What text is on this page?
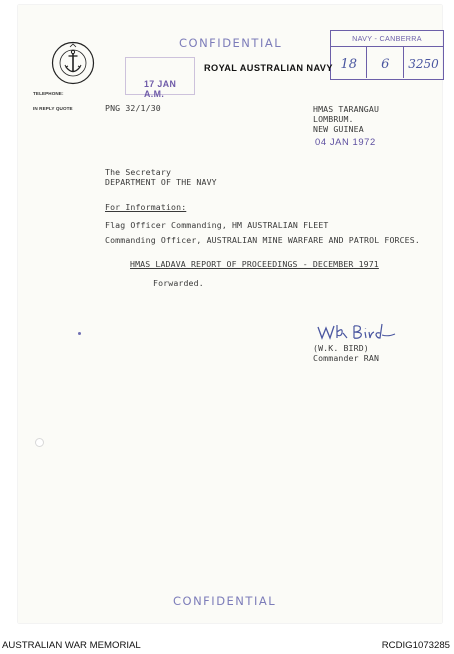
CONFIDENTIAL	NAVY - CANBERRA
18	6	3250
ROYAL AUSTRALIAN NAVY
17 JAN A.M.
TELEPHONE:
IN REPLY QUOTE	PNG 32/1/30	HMAS TARANGAU
LOMBRUM.
NEW GUINEA
04 JAN 1972
The Secretary
DEPARTMENT OF THE NAVY
For Information:
Flag Officer Commanding, HM AUSTRALIAN FLEET
Commanding Officer, AUSTRALIAN MINE WARFARE AND PATROL FORCES.
HMAS LADAVA REPORT OF PROCEEDINGS - DECEMBER 1971
Forwarded.
(W.K. BIRD)
Commander RAN
CONFIDENTIAL
AUSTRALIAN WAR MEMORIAL	RCDIG1073285
